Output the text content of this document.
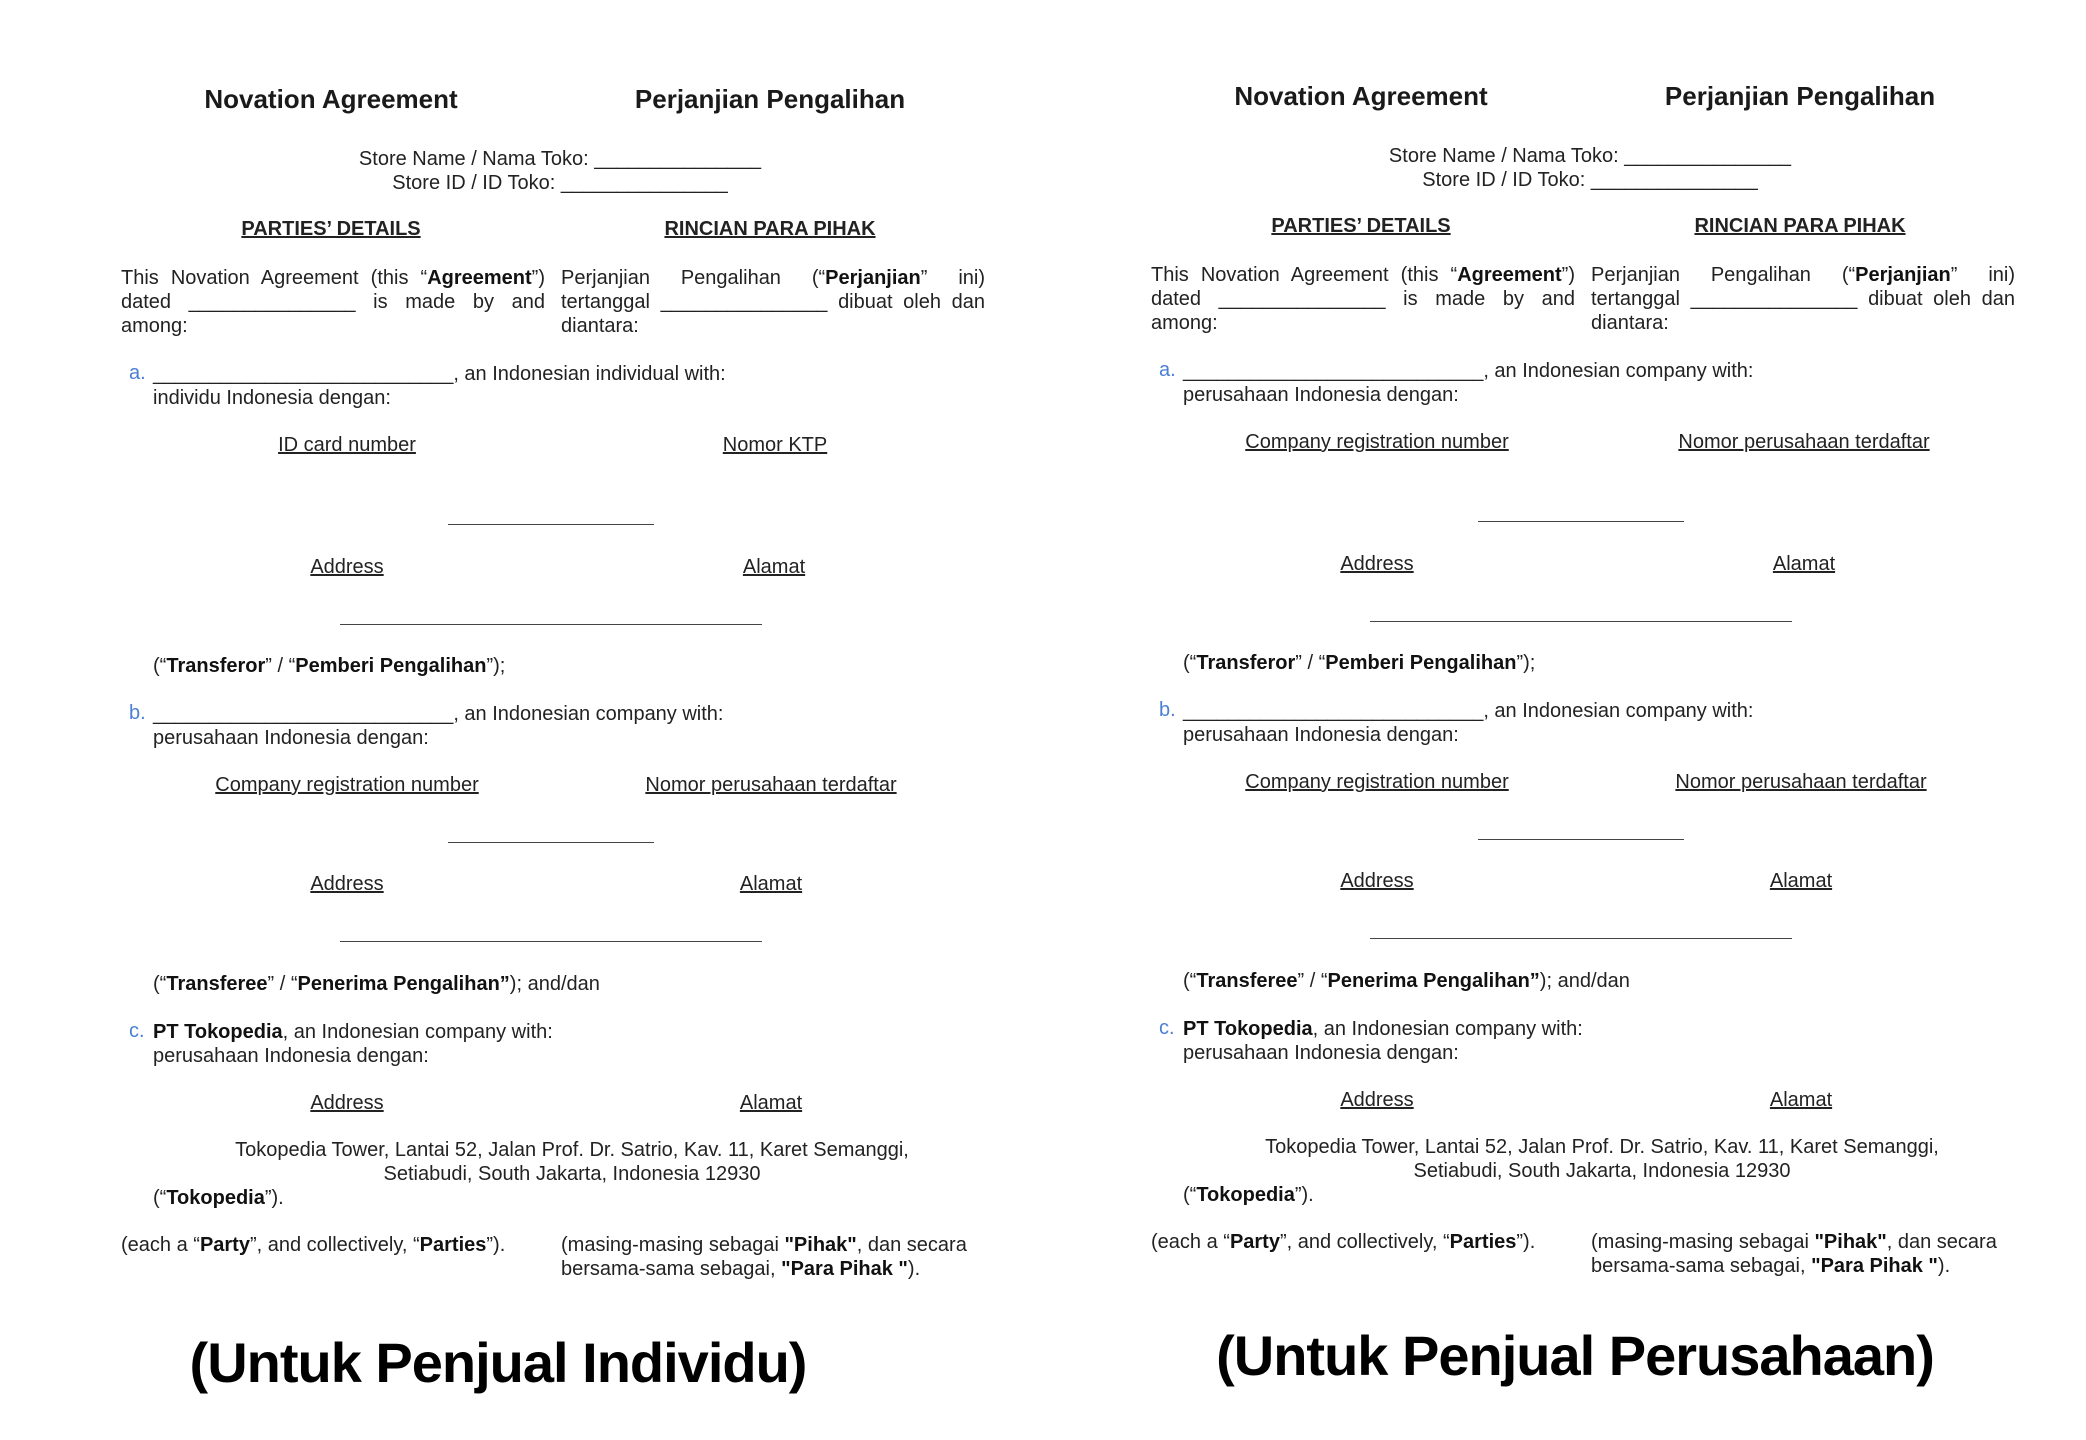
Novation Agreement	Perjanjian Pengalihan
Store Name / Nama Toko: _______________
Store ID / ID Toko: _______________
PARTIES’ DETAILS	RINCIAN PARA PIHAK
This Novation Agreement (this “Agreement”) dated _______________ is made by and among:
Perjanjian Pengalihan (“Perjanjian” ini) tertanggal _______________ dibuat oleh dan diantara:
a. ___________________________, an Indonesian individual with:
individu Indonesia dengan:
ID card number	Nomor KTP
Address	Alamat
(“Transferor” / “Pemberi Pengalihan”);
b. ___________________________, an Indonesian company with:
perusahaan Indonesia dengan:
Company registration number	Nomor perusahaan terdaftar
Address	Alamat
(“Transferee” / “Penerima Pengalihan”); and/dan
c. PT Tokopedia, an Indonesian company with:
perusahaan Indonesia dengan:
Address	Alamat
Tokopedia Tower, Lantai 52, Jalan Prof. Dr. Satrio, Kav. 11, Karet Semanggi,
Setiabudi, South Jakarta, Indonesia 12930
(“Tokopedia”).
(each a “Party”, and collectively, “Parties”).	(masing-masing sebagai "Pihak", dan secara bersama-sama sebagai, "Para Pihak ").
(Untuk Penjual Individu)
Novation Agreement	Perjanjian Pengalihan
Store Name / Nama Toko: _______________
Store ID / ID Toko: _______________
PARTIES’ DETAILS	RINCIAN PARA PIHAK
This Novation Agreement (this “Agreement”) dated _______________ is made by and among:
Perjanjian Pengalihan (“Perjanjian” ini) tertanggal _______________ dibuat oleh dan diantara:
a. ___________________________, an Indonesian company with:
perusahaan Indonesia dengan:
Company registration number	Nomor perusahaan terdaftar
Address	Alamat
(“Transferor” / “Pemberi Pengalihan”);
b. ___________________________, an Indonesian company with:
perusahaan Indonesia dengan:
Company registration number	Nomor perusahaan terdaftar
Address	Alamat
(“Transferee” / “Penerima Pengalihan”); and/dan
c. PT Tokopedia, an Indonesian company with:
perusahaan Indonesia dengan:
Address	Alamat
Tokopedia Tower, Lantai 52, Jalan Prof. Dr. Satrio, Kav. 11, Karet Semanggi,
Setiabudi, South Jakarta, Indonesia 12930
(“Tokopedia”).
(each a “Party”, and collectively, “Parties”).	(masing-masing sebagai "Pihak", dan secara bersama-sama sebagai, "Para Pihak ").
(Untuk Penjual Perusahaan)
